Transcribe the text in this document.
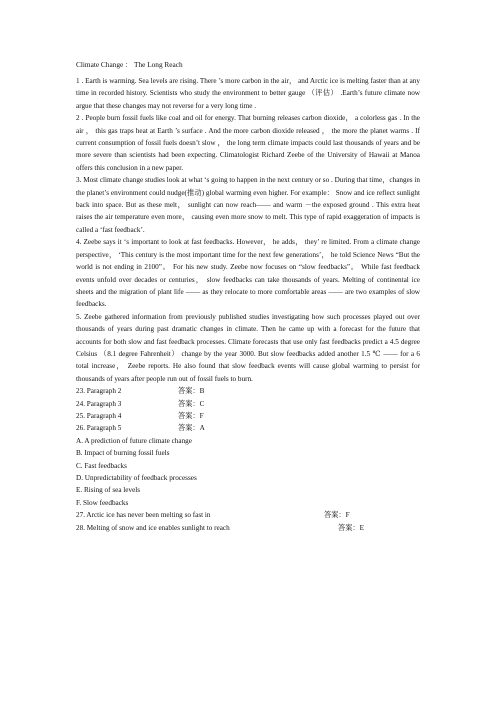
Climate Change ： The Long Reach

1 . Earth is warming. Sea levels are rising. There ’s more carbon in the air， and Arctic ice is melting faster than at any time in recorded history. Scientists who study the environment to better gauge （评估） .Earth’s future climate now argue that these changes may not reverse for a very long time .

2 . People burn fossil fuels like coal and oil for energy. That burning releases carbon dioxide， a colorless gas . In the air ， this gas traps heat at Earth ’s surface . And the more carbon dioxide released ， the more the planet warms . If current consumption of fossil fuels doesn’t slow ， the long term climate impacts could last thousands of years and be more severe than scientists had been expecting. Climatologist Richard Zeebe of the University of Hawaii at Manoa offers this conclusion in a new paper.

3. Most climate change studies look at what ‘s going to happen in the next century or so . During that time，changes in the planet’s environment could nudge(推动) global warming even higher. For example： Snow and ice reflect sunlight back into space. But as these melt， sunlight can now reach—— and warm －the exposed ground . This extra heat raises the air temperature even more， causing even more snow to melt. This type of rapid exaggeration of impacts is called a ‘fast feedback’.

4. Zeebe says it ‘s important to look at fast feedbacks. However， he adds， they’ re limited. From a climate change perspective， ‘This century is the most important time for the next few generations’， he told Science News “But the world is not ending in 2100”。 For his new study. Zeebe now focuses on “slow feedbacks”。 While fast feedback events unfold over decades or centuries， slow feedbacks can take thousands of years. Melting of continental ice sheets and the migration of plant life —— as they relocate to more comfortable areas —— are two examples of slow feedbacks.

5. Zeebe gathered information from previously published studies investigating how such processes played out over thousands of years during past dramatic changes in climate. Then he came up with a forecast for the future that accounts for both slow and fast feedback processes. Climate forecasts that use only fast feedbacks predict a 4.5 degree Celsius （8.1 degree Fahrenheit） change by the year 3000. But slow feedbacks added another 1.5 ℃ —— for a 6 total increase， Zeebe reports. He also found that slow feedback events will cause global warming to persist for thousands of years after people run out of fossil fuels to burn.

23. Paragraph 2	答案：B
24. Paragraph 3	答案：C
25. Paragraph 4	答案：F
26. Paragraph 5	答案：A
A. A prediction of future climate change
B. Impact of burning fossil fuels
C. Fast feedbacks
D. Unpredictability of feedback processes
E. Rising of sea levels
F. Slow feedbacks
27. Arctic ice has never been melting so fast in	答案：F
28. Melting of snow and ice enables sunlight to reach	答案：E
